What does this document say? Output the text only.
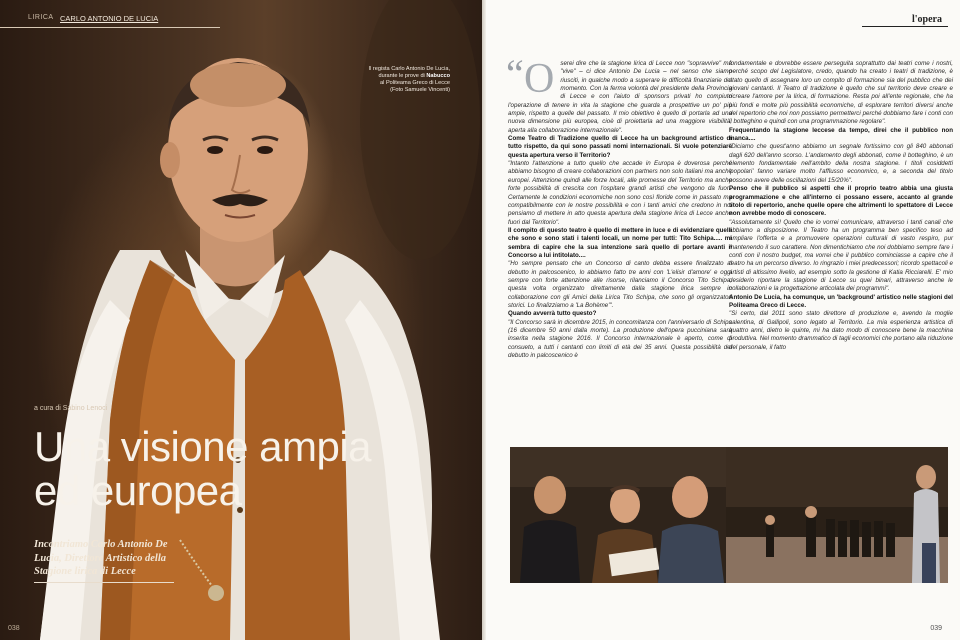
LIRICA CARLO ANTONIO DE LUCIA
Il regista Carlo Antonio De Lucia,
durante le prove di Nabucco
al Politeama Greco di Lecce
(Foto Samuele Vincenti)
a cura di Sabino Lenoci
Una visione ampia
ed europea
Incontriamo Carlo Antonio De Lucia, Direttore Artistico della Stagione lirica di Lecce
038
l'opera
“ O serei dire che la stagione lirica di Lecce non "sopravvive" ma "vive" – ci dice Antonio De Lucia – nel senso che siamo riusciti, in qualche modo a superare le difficoltà finanziarie del momento. Con la ferma volontà del presidente della Provincia di Lecce e con l'aiuto di sponsors privati ho compiuto l'operazione di tenere in vita la stagione che guarda a prospettive un po' più ampie, rispetto a quelle del passato. Il mio obiettivo è quello di portarla ad una nuova dimensione più europea, cioè di proiettarla ad una maggiore visibilità, aperta alla collaborazione internazionale".

Come Teatro di Tradizione quello di Lecce ha un background artistico di tutto rispetto, da qui sono passati nomi internazionali. Si vuole potenziare questa apertura verso il Territorio?

"Intanto l'attenzione a tutto quello che accade in Europa è doverosa perché abbiamo bisogno di creare collaborazioni con partners non solo italiani ma anche europei. Attenzione quindi alle forze locali, alle promesse del Territorio ma anche forte possibilità di crescita con l'ospitare grandi artisti che vengono da fuori. Certamente le condizioni economiche non sono così floride come in passato ma compatibilmente con le nostre possibilità e con i tanti amici che credono in noi pensiamo di mettere in atto questa apertura della stagione lirica di Lecce anche fuori dal Territorio".

Il compito di questo teatro è quello di mettere in luce e di evidenziare quelli che sono e sono stati i talenti locali, un nome per tutti: Tito Schipa..... mi sembra di capire che la sua intenzione sarà quello di portare avanti il Concorso a lui intitolato....

"Ho sempre pensato che un Concorso di canto debba essere finalizzato al debutto in palcoscenico, lo abbiamo fatto tre anni con 'L'elisir d'amore' e oggi sempre con forte attenzione alle risorse, rilanciamo il Concorso Tito Schipa, questa volta organizzato direttamente dalla stagione lirica sempre in collaborazione con gli Amici della Lirica Tito Schipa, che sono gli organizzatori storici. Lo finalizziamo a 'La Bohème'".

Quando avverrà tutto questo?

"Il Concorso sarà in dicembre 2015, in concomitanza con l'anniversario di Schipa (16 dicembre 50 anni dalla morte). La produzione dell'opera pucciniana sarà inserita nella stagione 2016. Il Concorso internazionale è aperto, come di consueto, a tutti i cantanti con limiti di età dei 35 anni. Questa possibilità del debutto in palcoscenico è

fondamentale e dovrebbe essere perseguita soprattutto dai teatri come i nostri, perché scopo del Legislatore, credo, quando ha creato i teatri di tradizione, è stato quello di assegnare loro un compito di formazione sia del pubblico che dei giovani cantanti. Il Teatro di tradizione è quello che sul territorio deve creare e ricreare l'amore per la lirica, di formazione. Resta poi all'ente regionale, che ha più fondi e molte più possibilità economiche, di esplorare territori diversi anche del repertorio che noi non possiamo permetterci perché dobbiamo fare i conti con il botteghino e quindi con una programmazione regolare".

Frequentando la stagione leccese da tempo, direi che il pubblico non manca....

"Diciamo che quest'anno abbiamo un segnale fortissimo con gli 840 abbonati dagli 620 dell'anno scorso. L'andamento degli abbonati, come il botteghino, è un elemento fondamentale nell'ambito della nostra stagione. I titoli cosiddetti 'popolari' fanno variare molto l'afflusso economico, e, a seconda del titolo possono avere delle oscillazioni del 15/20%".

Penso che il pubblico si aspetti che il proprio teatro abbia una giusta programmazione e che all'interno ci possano essere, accanto al grande titolo di repertorio, anche quelle opere che altrimenti lo spettatore di Lecce non avrebbe modo di conoscere.

"Assolutamente sì! Quello che io vorrei comunicare, attraverso i tanti canali che abbiamo a disposizione. Il Teatro ha un programma ben specifico teso ad ampliare l'offerta e a promuovere operazioni culturali di vasto respiro, pur mantenendo il suo carattere. Non dimentichiamo che noi dobbiamo sempre fare i conti con il nostro budget, ma vorrei che il pubblico cominciasse a capire che il teatro ha un percorso diverso. Io ringrazio i miei predecessori; ricordo spettacoli e artisti di altissimo livello, ad esempio sotto la gestione di Katia Ricciarelli. E' mio desiderio riportare la stagione di Lecce su quei binari, attraverso anche le collaborazioni e la progettazione articolata dei programmi".

Antonio De Lucia, ha comunque, un 'background' artistico nelle stagioni del Politeama Greco di Lecce.

"Si certo, dal 2011 sono stato direttore di produzione e, avendo la moglie salentina, di Gallipoli, sono legato al Territorio. La mia esperienza artistica di quattro anni, dietro le quinte, mi ha dato modo di conoscere bene la macchina produttiva. Nel momento drammatico di tagli economici che portano alla riduzione del personale, il fatto

039
